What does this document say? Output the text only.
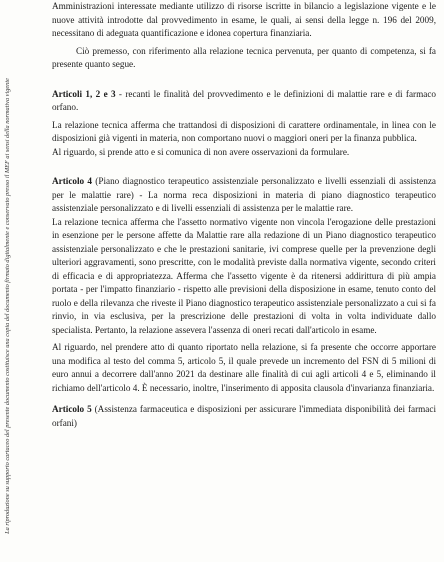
La riproduzione su supporto cartaceo del presente documento costituisce una copia del documento firmato digitalmente e conservato presso il MEF ai sensi della normativa vigente

Amministrazioni interessate mediante utilizzo di risorse iscritte in bilancio a legislazione vigente e le nuove attività introdotte dal provvedimento in esame, le quali, ai sensi della legge n. 196 del 2009, necessitano di adeguata quantificazione e idonea copertura finanziaria.

Ciò premesso, con riferimento alla relazione tecnica pervenuta, per quanto di competenza, si fa presente quanto segue.

Articoli 1, 2 e 3 - recanti le finalità del provvedimento e le definizioni di malattie rare e di farmaco orfano.

La relazione tecnica afferma che trattandosi di disposizioni di carattere ordinamentale, in linea con le disposizioni già vigenti in materia, non comportano nuovi o maggiori oneri per la finanza pubblica.

Al riguardo, si prende atto e si comunica di non avere osservazioni da formulare.

Articolo 4 (Piano diagnostico terapeutico assistenziale personalizzato e livelli essenziali di assistenza per le malattie rare) - La norma reca disposizioni in materia di piano diagnostico terapeutico assistenziale personalizzato e di livelli essenziali di assistenza per le malattie rare.

La relazione tecnica afferma che l'assetto normativo vigente non vincola l'erogazione delle prestazioni in esenzione per le persone affette da Malattie rare alla redazione di un Piano diagnostico terapeutico assistenziale personalizzato e che le prestazioni sanitarie, ivi comprese quelle per la prevenzione degli ulteriori aggravamenti, sono prescritte, con le modalità previste dalla normativa vigente, secondo criteri di efficacia e di appropriatezza. Afferma che l'assetto vigente è da ritenersi addirittura di più ampia portata - per l'impatto finanziario - rispetto alle previsioni della disposizione in esame, tenuto conto del ruolo e della rilevanza che riveste il Piano diagnostico terapeutico assistenziale personalizzato a cui si fa rinvio, in via esclusiva, per la prescrizione delle prestazioni di volta in volta individuate dallo specialista. Pertanto, la relazione assevera l'assenza di oneri recati dall'articolo in esame.

Al riguardo, nel prendere atto di quanto riportato nella relazione, si fa presente che occorre apportare una modifica al testo del comma 5, articolo 5, il quale prevede un incremento del FSN di 5 milioni di euro annui a decorrere dall'anno 2021 da destinare alle finalità di cui agli articoli 4 e 5, eliminando il richiamo dell'articolo 4. È necessario, inoltre, l'inserimento di apposita clausola d'invarianza finanziaria.

Articolo 5 (Assistenza farmaceutica e disposizioni per assicurare l'immediata disponibilità dei farmaci orfani)
